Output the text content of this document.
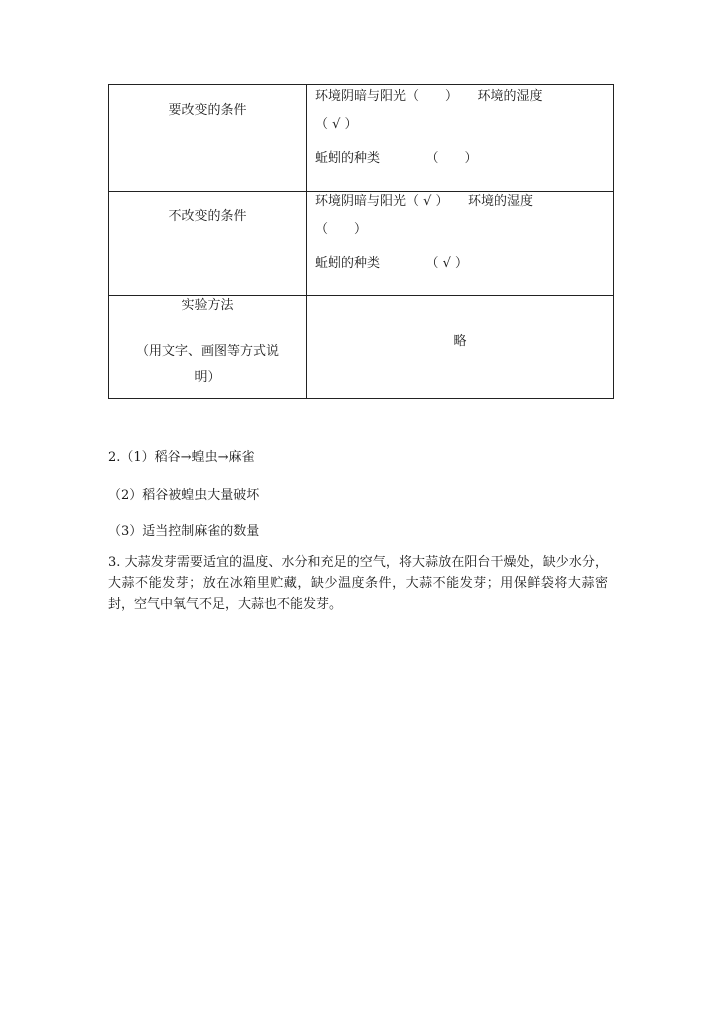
要改变的条件	环境阴暗与阳光（　　）　　环境的湿度
（ √ ）
蚯蚓的种类　　　　（　　）

不改变的条件	环境阴暗与阳光（ √ ）　　环境的湿度
（　　）
蚯蚓的种类　　　　（ √ ）

实验方法
（用文字、画图等方式说
明）	略
2.（1）稻谷→蝗虫→麻雀
（2）稻谷被蝗虫大量破坏
（3）适当控制麻雀的数量
3. 大蒜发芽需要适宜的温度、水分和充足的空气，将大蒜放在阳台干燥处，缺少水分，大蒜不能发芽；放在冰箱里贮藏，缺少温度条件，大蒜不能发芽；用保鲜袋将大蒜密封，空气中氧气不足，大蒜也不能发芽。
